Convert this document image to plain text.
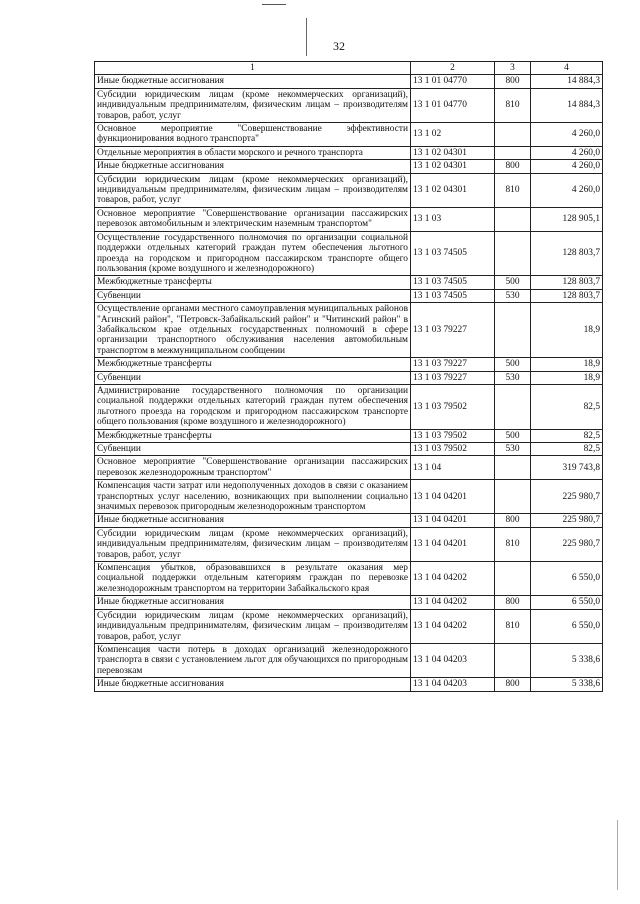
32
1	2	3	4
Иные бюджетные ассигнования	13 1 01 04770	800	14 884,3
Субсидии юридическим лицам (кроме некоммерческих организаций), индивидуальным предпринимателям, физическим лицам – производителям товаров, работ, услуг	13 1 01 04770	810	14 884,3
Основное мероприятие "Совершенствование эффективности функционирования водного транспорта"	13 1 02		4 260,0
Отдельные мероприятия в области морского и речного транспорта	13 1 02 04301		4 260,0
Иные бюджетные ассигнования	13 1 02 04301	800	4 260,0
Субсидии юридическим лицам (кроме некоммерческих организаций), индивидуальным предпринимателям, физическим лицам – производителям товаров, работ, услуг	13 1 02 04301	810	4 260,0
Основное мероприятие "Совершенствование организации пассажирских перевозок автомобильным и электрическим наземным транспортом"	13 1 03		128 905,1
Осуществление государственного полномочия по организации социальной поддержки отдельных категорий граждан путем обеспечения льготного проезда на городском и пригородном пассажирском транспорте общего пользования (кроме воздушного и железнодорожного)	13 1 03 74505		128 803,7
Межбюджетные трансферты	13 1 03 74505	500	128 803,7
Субвенции	13 1 03 74505	530	128 803,7
Осуществление органами местного самоуправления муниципальных районов "Агинский район", "Петровск-Забайкальский район" и "Читинский район" в Забайкальском крае отдельных государственных полномочий в сфере организации транспортного обслуживания населения автомобильным транспортом в межмуниципальном сообщении	13 1 03 79227		18,9
Межбюджетные трансферты	13 1 03 79227	500	18,9
Субвенции	13 1 03 79227	530	18,9
Администрирование государственного полномочия по организации социальной поддержки отдельных категорий граждан путем обеспечения льготного проезда на городском и пригородном пассажирском транспорте общего пользования (кроме воздушного и железнодорожного)	13 1 03 79502		82,5
Межбюджетные трансферты	13 1 03 79502	500	82,5
Субвенции	13 1 03 79502	530	82,5
Основное мероприятие "Совершенствование организации пассажирских перевозок железнодорожным транспортом"	13 1 04		319 743,8
Компенсация части затрат или недополученных доходов в связи с оказанием транспортных услуг населению, возникающих при выполнении социально значимых перевозок пригородным железнодорожным транспортом	13 1 04 04201		225 980,7
Иные бюджетные ассигнования	13 1 04 04201	800	225 980,7
Субсидии юридическим лицам (кроме некоммерческих организаций), индивидуальным предпринимателям, физическим лицам – производителям товаров, работ, услуг	13 1 04 04201	810	225 980,7
Компенсация убытков, образовавшихся в результате оказания мер социальной поддержки отдельным категориям граждан по перевозке железнодорожным транспортом на территории Забайкальского края	13 1 04 04202		6 550,0
Иные бюджетные ассигнования	13 1 04 04202	800	6 550,0
Субсидии юридическим лицам (кроме некоммерческих организаций), индивидуальным предпринимателям, физическим лицам – производителям товаров, работ, услуг	13 1 04 04202	810	6 550,0
Компенсация части потерь в доходах организаций железнодорожного транспорта в связи с установлением льгот для обучающихся по пригородным перевозкам	13 1 04 04203		5 338,6
Иные бюджетные ассигнования	13 1 04 04203	800	5 338,6
